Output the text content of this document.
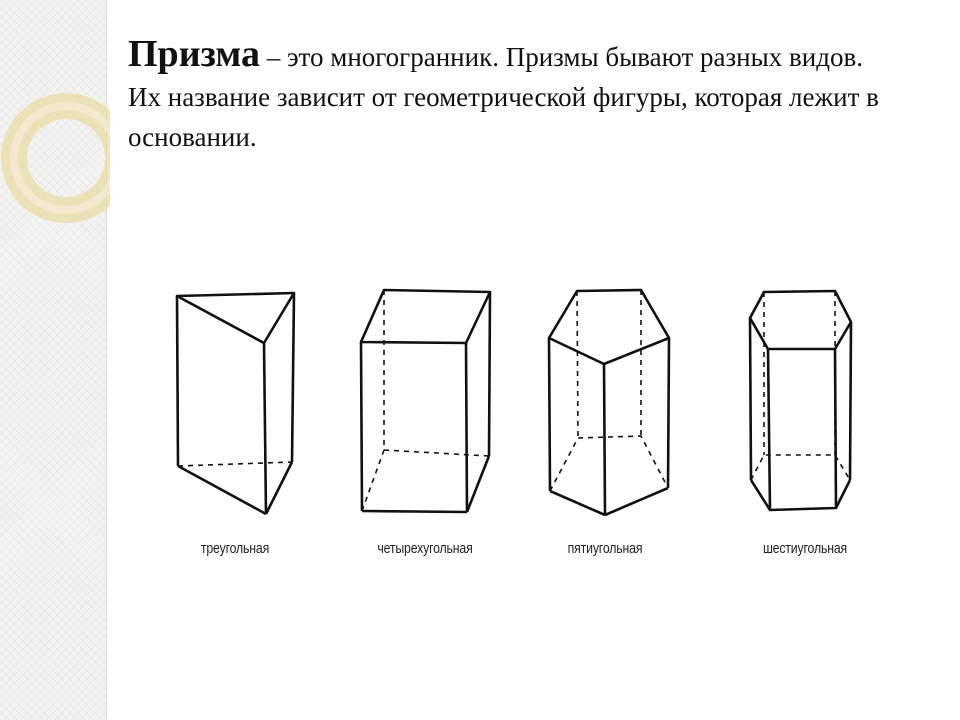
Призма – это многогранник. Призмы бывают разных видов. Их название зависит от геометрической фигуры, которая лежит в основании.
треугольная	четырехугольная	пятиугольная	шестиугольная
